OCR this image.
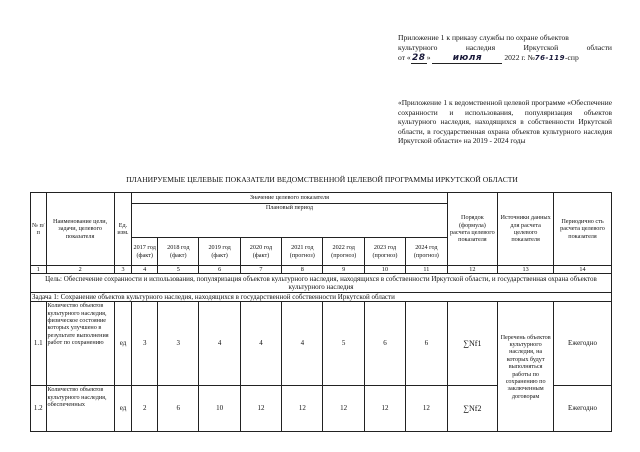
Приложение 1 к приказу службы по охране объектов
культурного	наследия	Иркутской	области
от «28» июля	2022 г. №76-119-спр
«Приложение 1 к ведомственной целевой программе «Обеспечение сохранности и использования, популяризация объектов культурного наследия, находящихся в собственности Иркутской области, в государственная охрана объектов культурного наследия Иркутской области» на 2019 - 2024 годы
ПЛАНИРУЕМЫЕ ЦЕЛЕВЫЕ ПОКАЗАТЕЛИ ВЕДОМСТВЕННОЙ ЦЕЛЕВОЙ ПРОГРАММЫ ИРКУТСКОЙ ОБЛАСТИ
№ п/п	Наименование цели, задачи, целевого показателя	Ед. изм.	Значение целевого показателя								Порядок (формула) расчета целевого показателя	Источники данных для расчета целевого показателя	Периодично сть расчета целевого показателя
			Плановый период										
			2017 год (факт)	2018 год (факт)	2019 год (факт)	2020 год (факт)	2021 год (прогноз)	2022 год (прогноз)	2023 год (прогноз)	2024 год (прогноз)			
1	2	3	4	5	6	7	8	9	10	11	12	13	14
Цель: Обеспечение сохранности и использования, популяризация объектов культурного наследия, находящихся в собственности Иркутской области, и государственная охрана объектов культурного наследия													
Задача 1: Сохранение объектов культурного наследия, находящихся в государственной собственности Иркутской области													
1.1	Количество объектов культурного наследия, физическое состояние которых улучшено в результате выполнения работ по сохранению	ед	3	3	4	4	4	5	6	6	∑Nf1	Перечень объектов культурного наследия, на которых будут выполняться работы по сохранению по заключенным договорам	Ежегодно
1.2	Количество объектов культурного наследия, обеспеченных	ед	2	6	10	12	12	12	12	12	∑Nf2		Ежегодно
